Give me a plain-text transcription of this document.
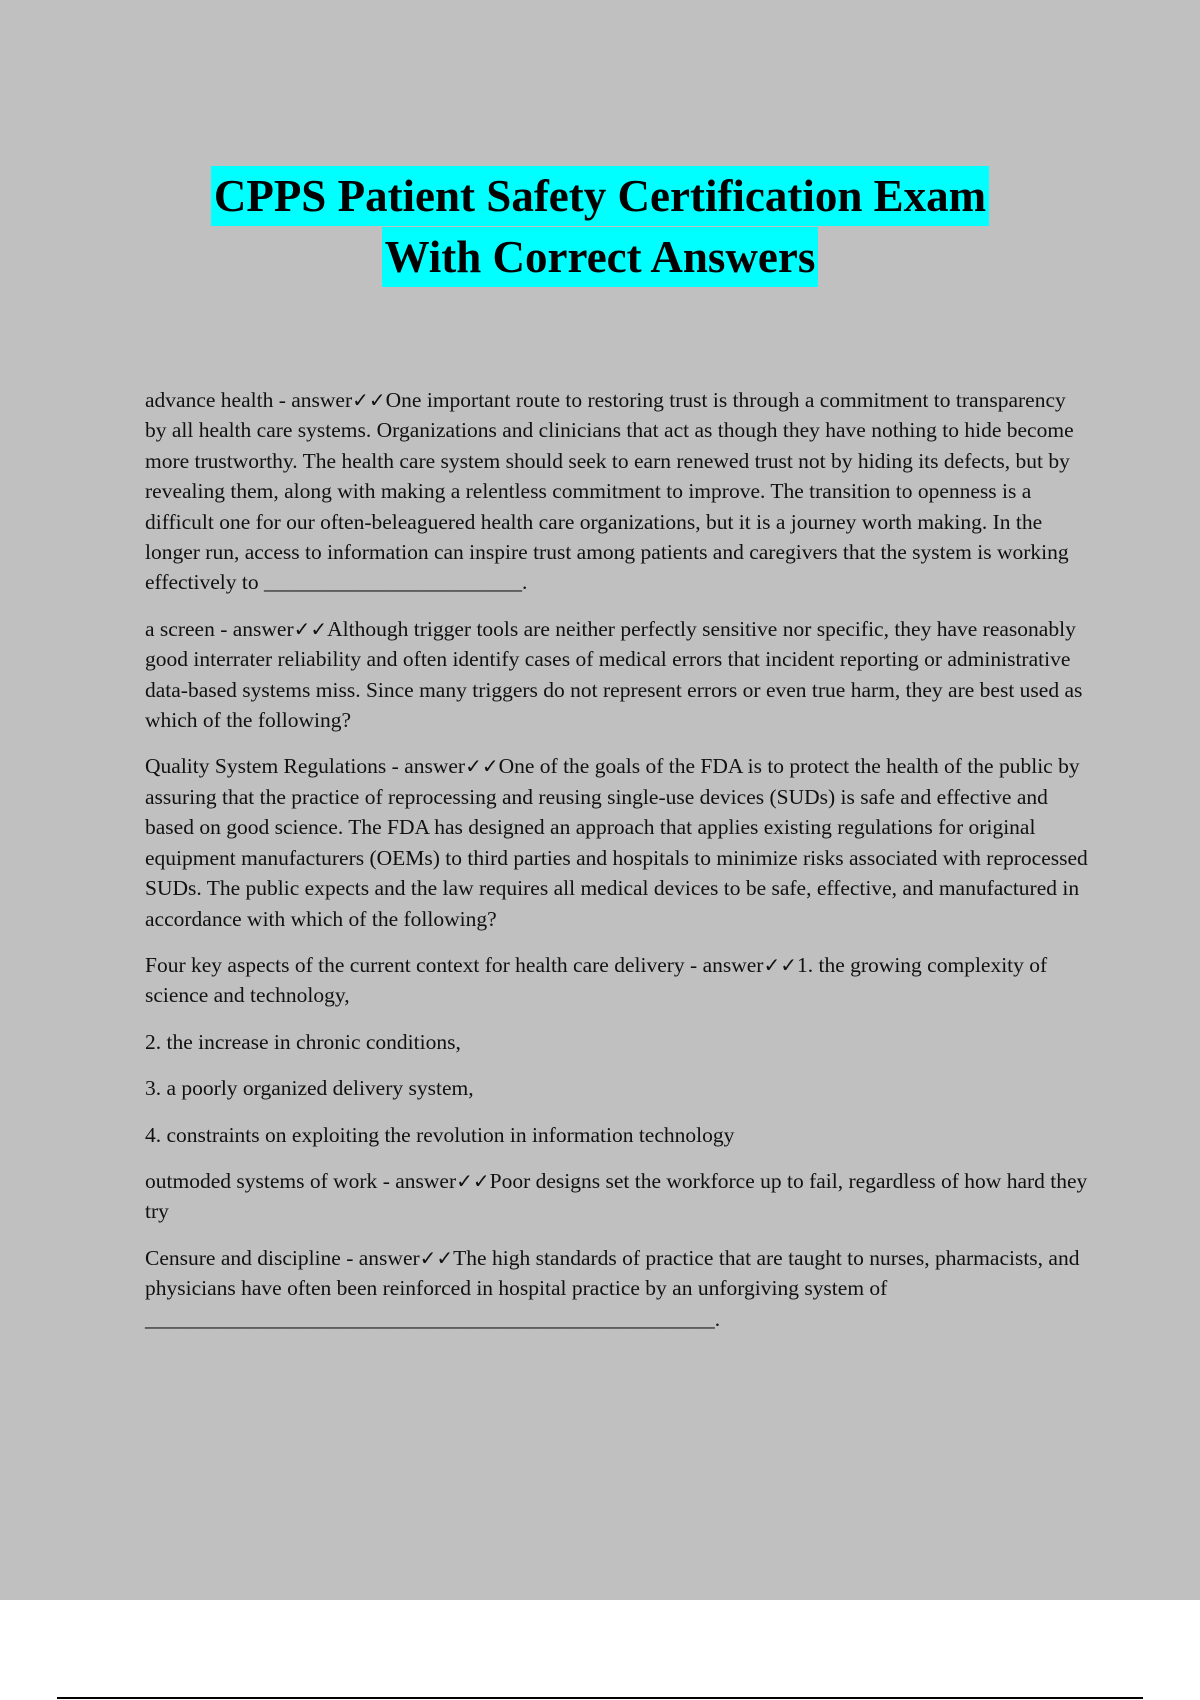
CPPS Patient Safety Certification Exam
With Correct Answers

advance health - answer✓✓One important route to restoring trust is through a commitment to transparency by all health care systems. Organizations and clinicians that act as though they have nothing to hide become more trustworthy. The health care system should seek to earn renewed trust not by hiding its defects, but by revealing them, along with making a relentless commitment to improve. The transition to openness is a difficult one for our often-beleaguered health care organizations, but it is a journey worth making. In the longer run, access to information can inspire trust among patients and caregivers that the system is working effectively to ________________________.

a screen - answer✓✓Although trigger tools are neither perfectly sensitive nor specific, they have reasonably good interrater reliability and often identify cases of medical errors that incident reporting or administrative data-based systems miss. Since many triggers do not represent errors or even true harm, they are best used as which of the following?

Quality System Regulations - answer✓✓One of the goals of the FDA is to protect the health of the public by assuring that the practice of reprocessing and reusing single-use devices (SUDs) is safe and effective and based on good science. The FDA has designed an approach that applies existing regulations for original equipment manufacturers (OEMs) to third parties and hospitals to minimize risks associated with reprocessed SUDs. The public expects and the law requires all medical devices to be safe, effective, and manufactured in accordance with which of the following?

Four key aspects of the current context for health care delivery - answer✓✓1. the growing complexity of science and technology,

2. the increase in chronic conditions,

3. a poorly organized delivery system,

4. constraints on exploiting the revolution in information technology

outmoded systems of work - answer✓✓Poor designs set the workforce up to fail, regardless of how hard they try

Censure and discipline - answer✓✓The high standards of practice that are taught to nurses, pharmacists, and physicians have often been reinforced in hospital practice by an unforgiving system of _____________________________________________________.
